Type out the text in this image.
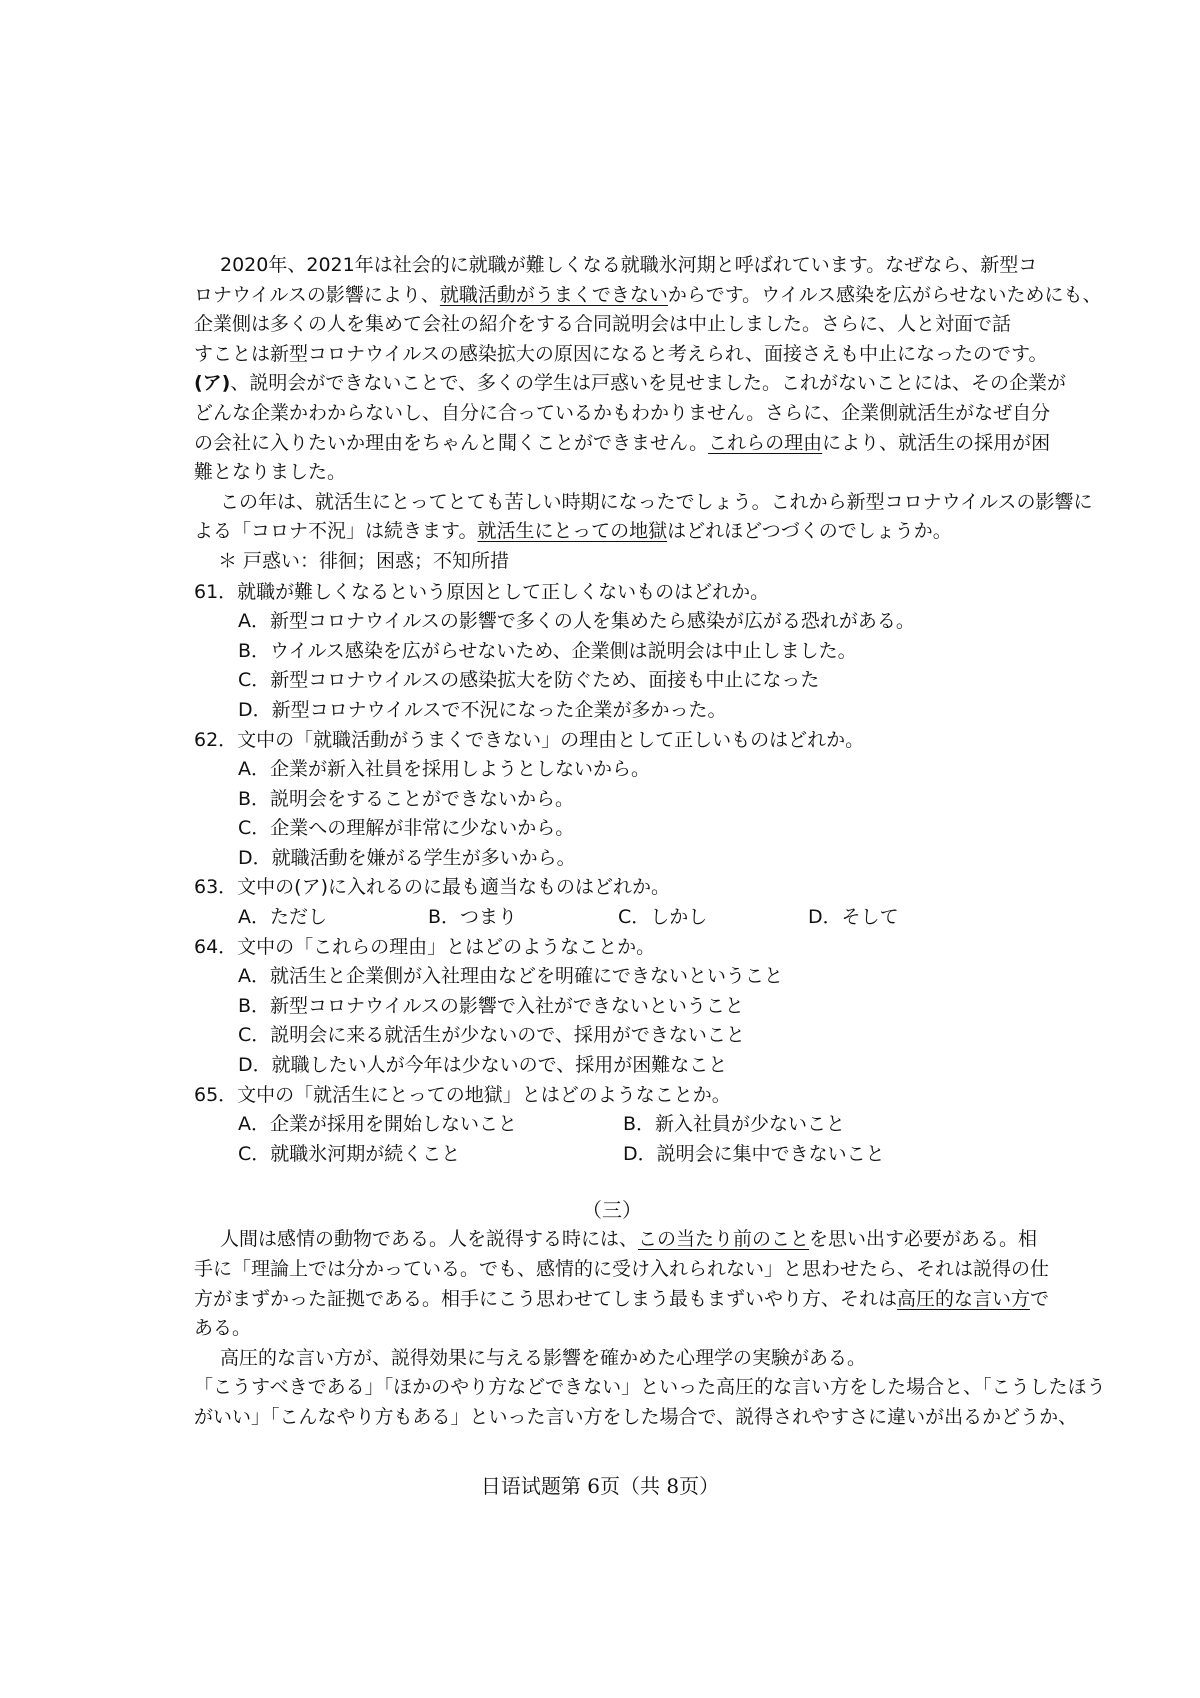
2020年、2021年は社会的に就職が難しくなる就職氷河期と呼ばれています。なぜなら、新型コ
ロナウイルスの影響により、就職活動がうまくできないからです。ウイルス感染を広がらせないためにも、
企業側は多くの人を集めて会社の紹介をする合同説明会は中止しました。さらに、人と対面で話
すことは新型コロナウイルスの感染拡大の原因になると考えられ、面接さえも中止になったのです。
(ア)、説明会ができないことで、多くの学生は戸惑いを見せました。これがないことには、その企業が
どんな企業かわからないし、自分に合っているかもわかりません。さらに、企業側就活生がなぜ自分
の会社に入りたいか理由をちゃんと聞くことができません。これらの理由により、就活生の採用が困
難となりました。
この年は、就活生にとってとても苦しい時期になったでしょう。これから新型コロナウイルスの影響に
よる「コロナ不況」は続きます。就活生にとっての地獄はどれほどつづくのでしょうか。
＊ 戸惑い：徘徊；困惑；不知所措
61．就職が難しくなるという原因として正しくないものはどれか。
A．新型コロナウイルスの影響で多くの人を集めたら感染が広がる恐れがある。
B．ウイルス感染を広がらせないため、企業側は説明会は中止しました。
C．新型コロナウイルスの感染拡大を防ぐため、面接も中止になった
D．新型コロナウイルスで不況になった企業が多かった。
62．文中の「就職活動がうまくできない」の理由として正しいものはどれか。
A．企業が新入社員を採用しようとしないから。
B．説明会をすることができないから。
C．企業への理解が非常に少ないから。
D．就職活動を嫌がる学生が多いから。
63．文中の(ア)に入れるのに最も適当なものはどれか。
A．ただし	B．つまり	C．しかし	D．そして
64．文中の「これらの理由」とはどのようなことか。
A．就活生と企業側が入社理由などを明確にできないということ
B．新型コロナウイルスの影響で入社ができないということ
C．説明会に来る就活生が少ないので、採用ができないこと
D．就職したい人が今年は少ないので、採用が困難なこと
65．文中の「就活生にとっての地獄」とはどのようなことか。
A．企業が採用を開始しないこと	B．新入社員が少ないこと
C．就職氷河期が続くこと	D．説明会に集中できないこと
（三）
人間は感情の動物である。人を説得する時には、この当たり前のことを思い出す必要がある。相
手に「理論上では分かっている。でも、感情的に受け入れられない」と思わせたら、それは説得の仕
方がまずかった証拠である。相手にこう思わせてしまう最もまずいやり方、それは高圧的な言い方で
ある。
高圧的な言い方が、説得効果に与える影響を確かめた心理学の実験がある。
「こうすべきである」「ほかのやり方などできない」といった高圧的な言い方をした場合と、「こうしたほう
がいい」「こんなやり方もある」といった言い方をした場合で、説得されやすさに違いが出るかどうか、
日语试题第 6页（共 8页）
